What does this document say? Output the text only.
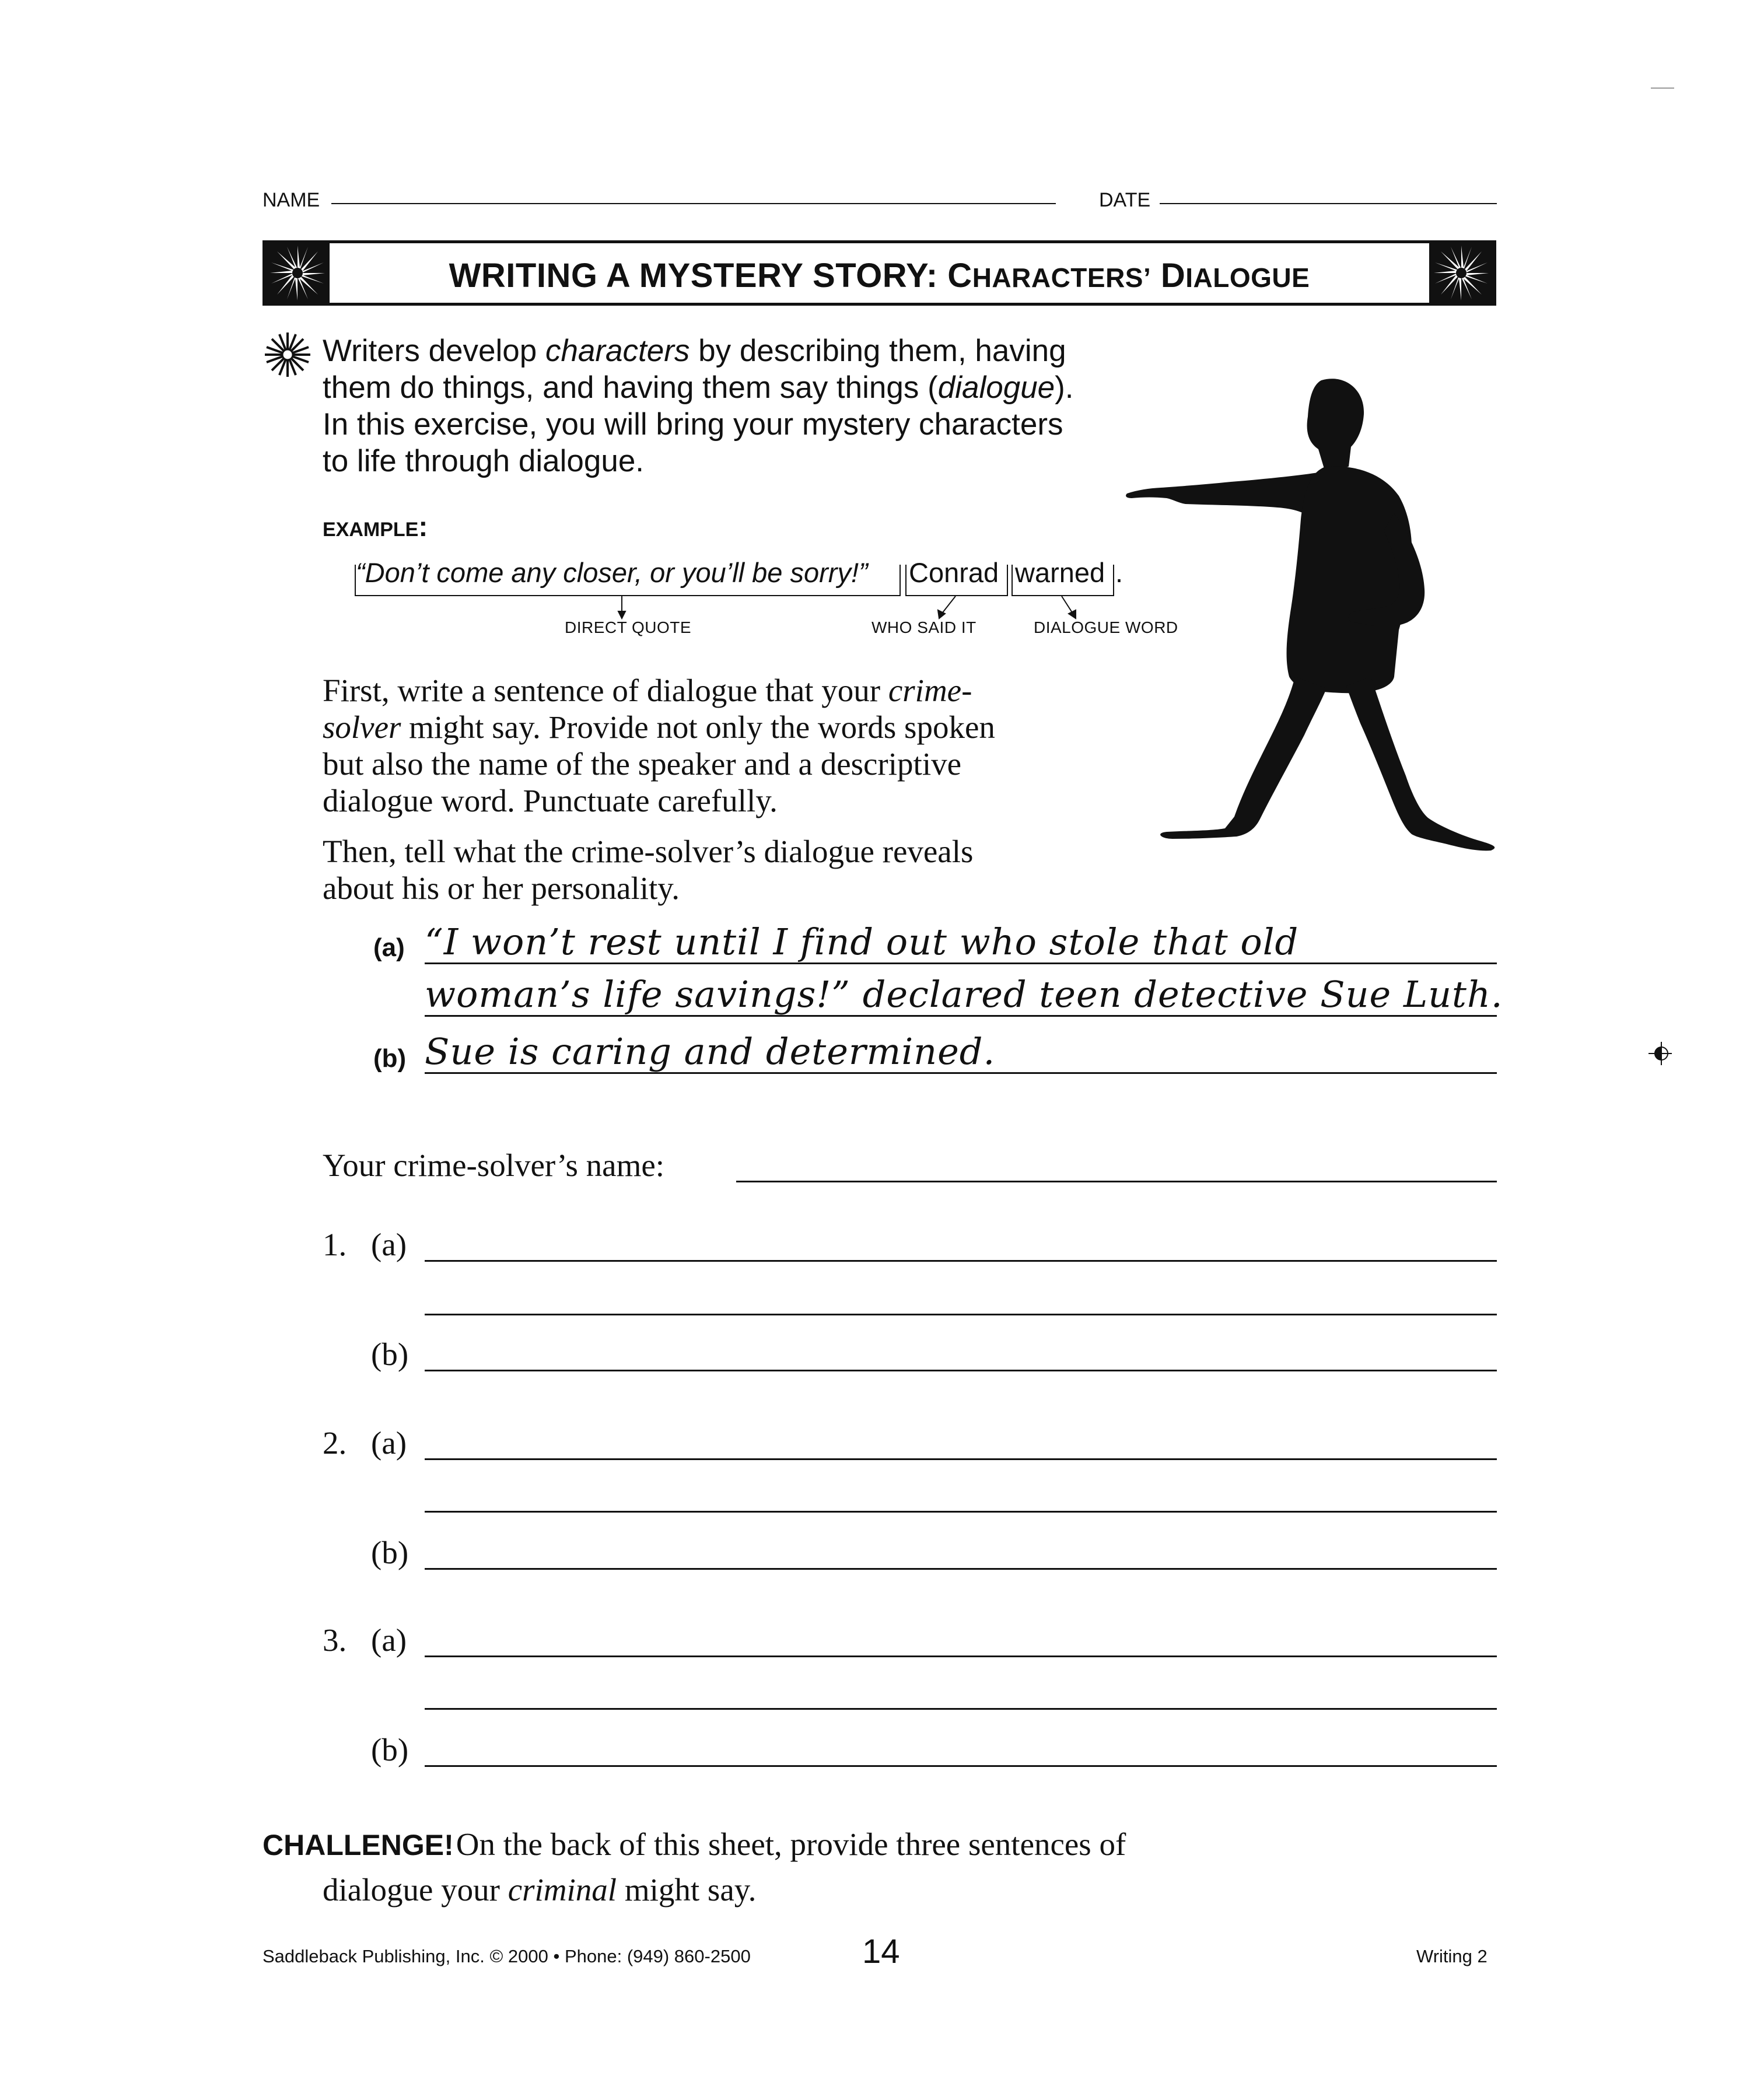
NAME	DATE
WRITING A MYSTERY STORY: CHARACTERS’ DIALOGUE
Writers develop characters by describing them, having
them do things, and having them say things (dialogue).
In this exercise, you will bring your mystery characters
to life through dialogue.
EXAMPLE:
“Don’t come any closer, or you’ll be sorry!” Conrad warned .
DIRECT QUOTE	WHO SAID IT	DIALOGUE WORD
First, write a sentence of dialogue that your crime-
solver might say. Provide not only the words spoken
but also the name of the speaker and a descriptive
dialogue word. Punctuate carefully.
Then, tell what the crime-solver’s dialogue reveals
about his or her personality.
(a) “I won’t rest until I find out who stole that old
woman’s life savings!” declared teen detective Sue Luth.
(b) Sue is caring and determined.
Your crime-solver’s name:
1. (a)
(b)
2. (a)
(b)
3. (a)
(b)
CHALLENGE! On the back of this sheet, provide three sentences of
dialogue your criminal might say.
Saddleback Publishing, Inc. © 2000 • Phone: (949) 860-2500	14	Writing 2
